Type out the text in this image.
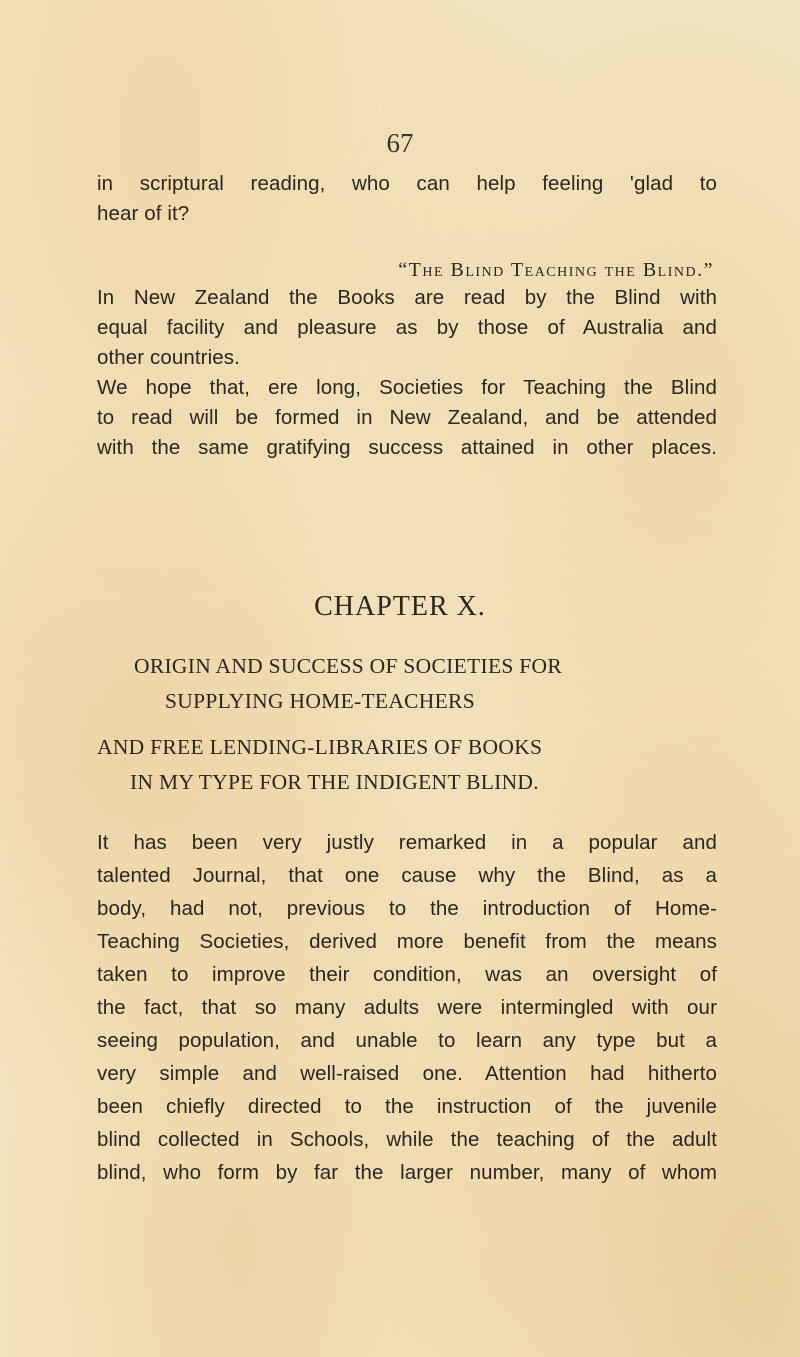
67
in scriptural reading, who can help feeling 'glad to
hear of it?
“The Blind Teaching the Blind.”
In New Zealand the Books are read by the Blind with
equal facility and pleasure as by those of Australia and
other countries.
We hope that, ere long, Societies for Teaching the Blind
to read will be formed in New Zealand, and be attended
with the same gratifying success attained in other places.
CHAPTER X.
ORIGIN AND SUCCESS OF SOCIETIES FOR
SUPPLYING HOME-TEACHERS
AND FREE LENDING-LIBRARIES OF BOOKS
IN MY TYPE FOR THE INDIGENT BLIND.
It has been very justly remarked in a popular and
talented Journal, that one cause why the Blind, as a
body, had not, previous to the introduction of Home-
Teaching Societies, derived more benefit from the means
taken to improve their condition, was an oversight of
the fact, that so many adults were intermingled with our
seeing population, and unable to learn any type but a
very simple and well-raised one. Attention had hitherto
been chiefly directed to the instruction of the juvenile
blind collected in Schools, while the teaching of the adult
blind, who form by far the larger number, many of whom
